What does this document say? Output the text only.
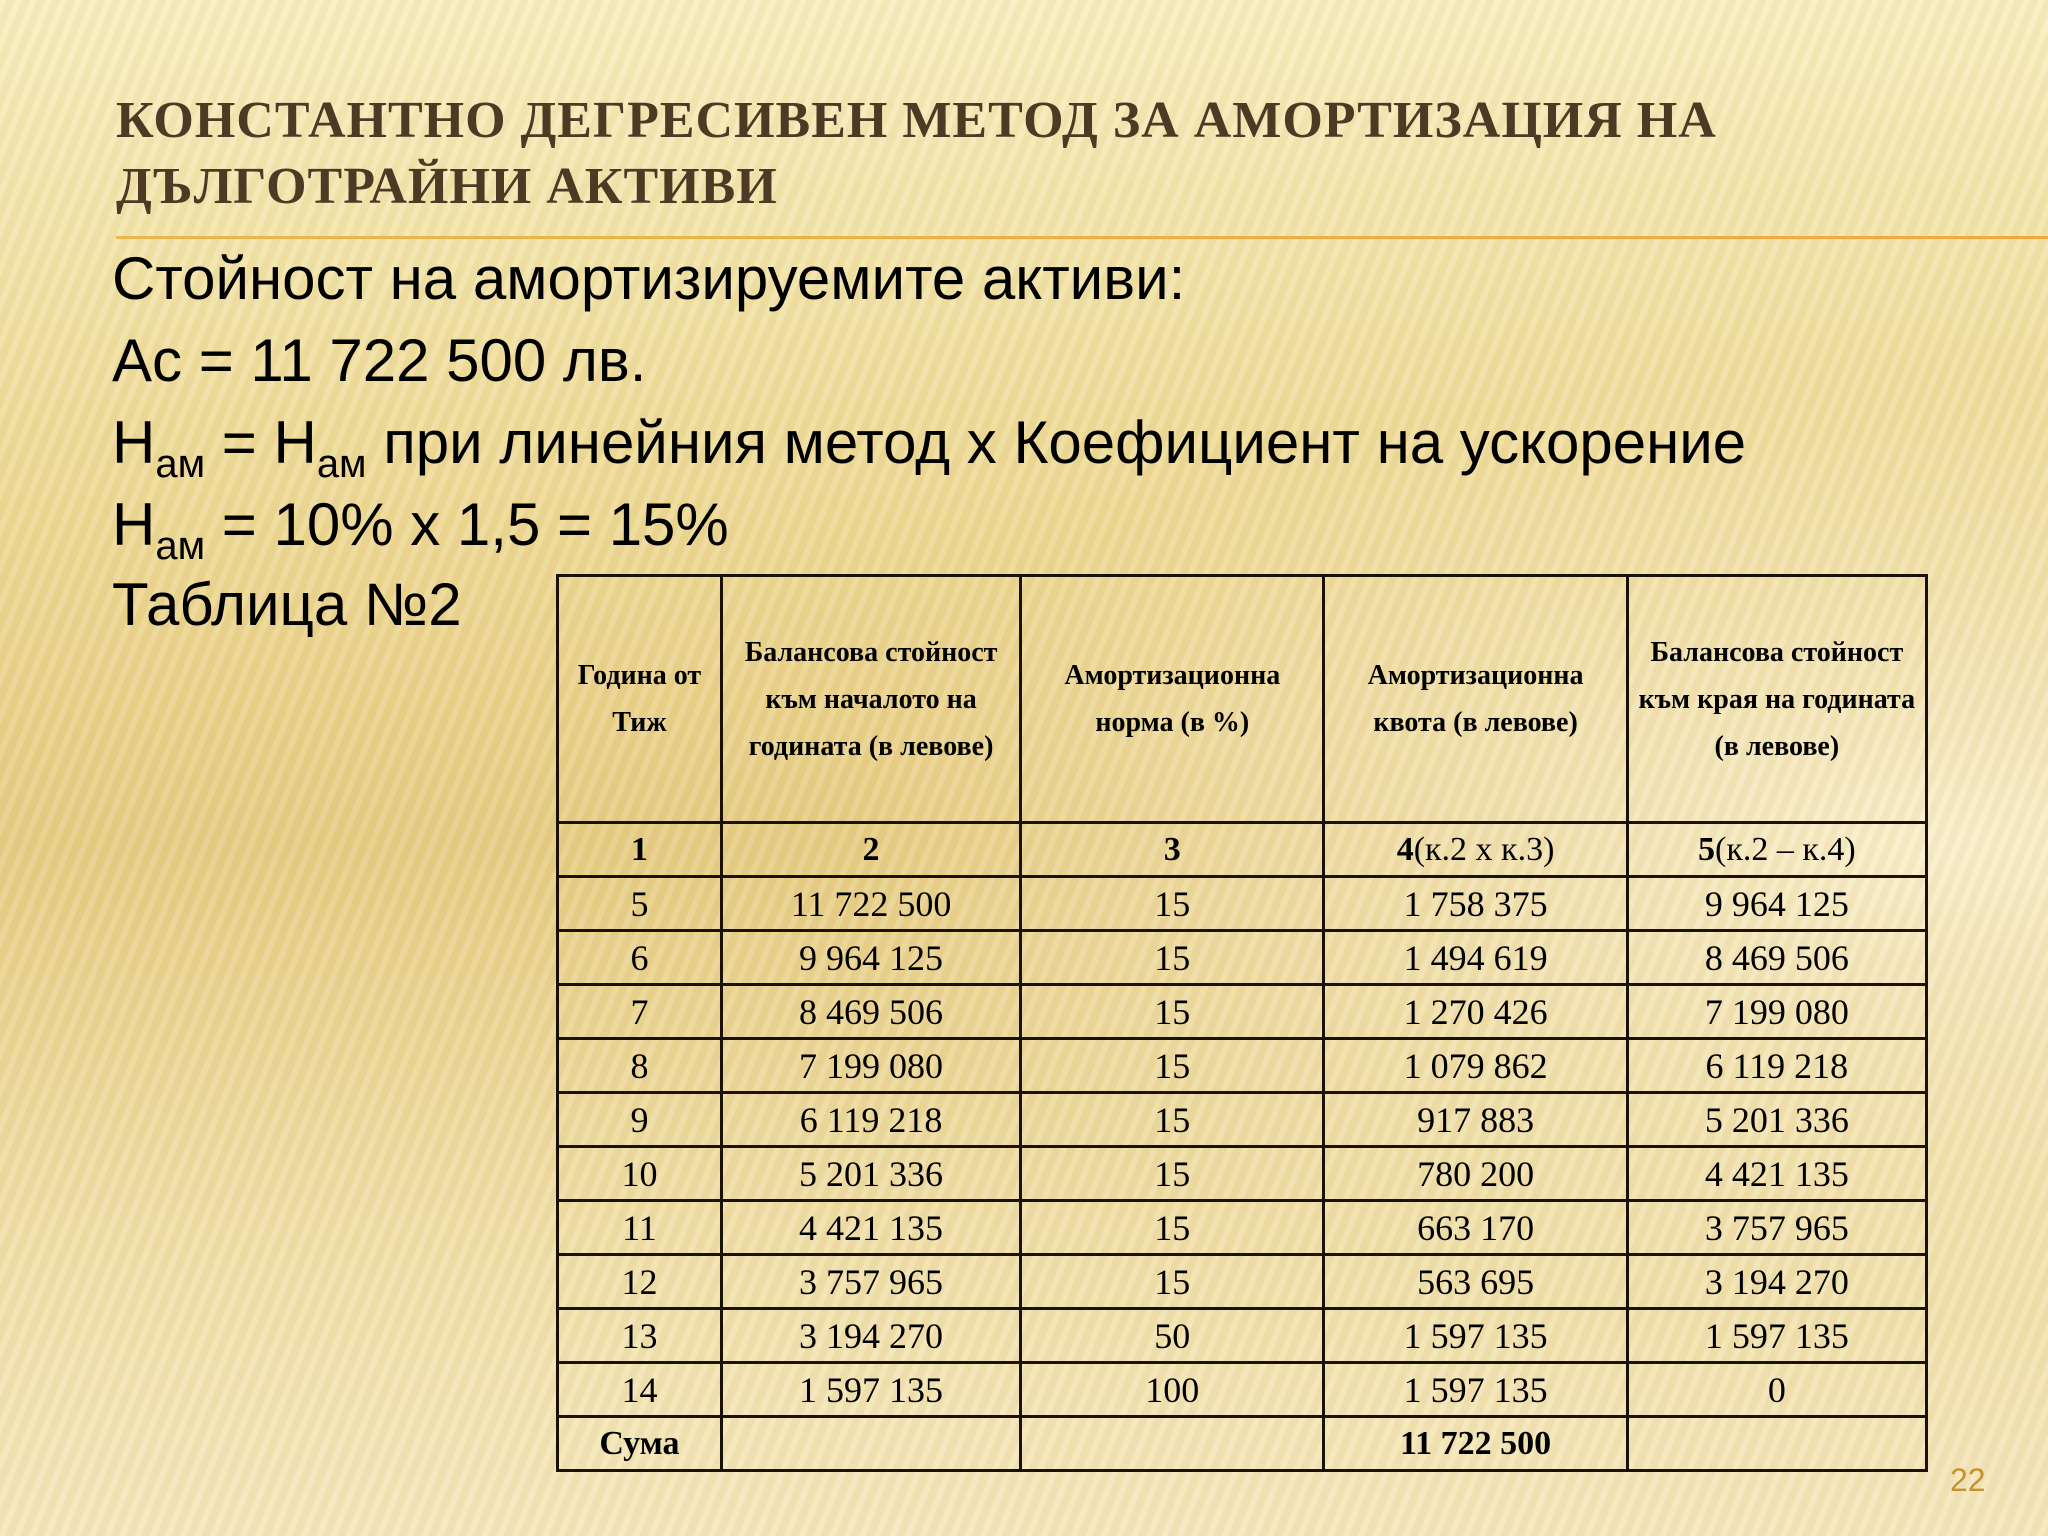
КОНСТАНТНО ДЕГРЕСИВЕН МЕТОД ЗА АМОРТИЗАЦИЯ НА ДЪЛГОТРАЙНИ АКТИВИ
Стойност на амортизируемите активи:
Ас = 11 722 500 лв.
$Н_{ам} = Н_{ам}$ при линейния метод х Коефициент на ускорение
$Н_{ам} = 10\%$ х 1,5 = 15%
Таблица №2
Година от Тиж	Балансова стойност към началото на годината (в левове)	Амортизационна норма (в %)	Амортизационна квота (в левове)	Балансова стойност към края на годината (в левове)
1	2	3	4(к.2 х к.3)	5(к.2 – к.4)
5	11 722 500	15	1 758 375	9 964 125
6	9 964 125	15	1 494 619	8 469 506
7	8 469 506	15	1 270 426	7 199 080
8	7 199 080	15	1 079 862	6 119 218
9	6 119 218	15	917 883	5 201 336
10	5 201 336	15	780 200	4 421 135
11	4 421 135	15	663 170	3 757 965
12	3 757 965	15	563 695	3 194 270
13	3 194 270	50	1 597 135	1 597 135
14	1 597 135	100	1 597 135	0
Сума			11 722 500	
22
